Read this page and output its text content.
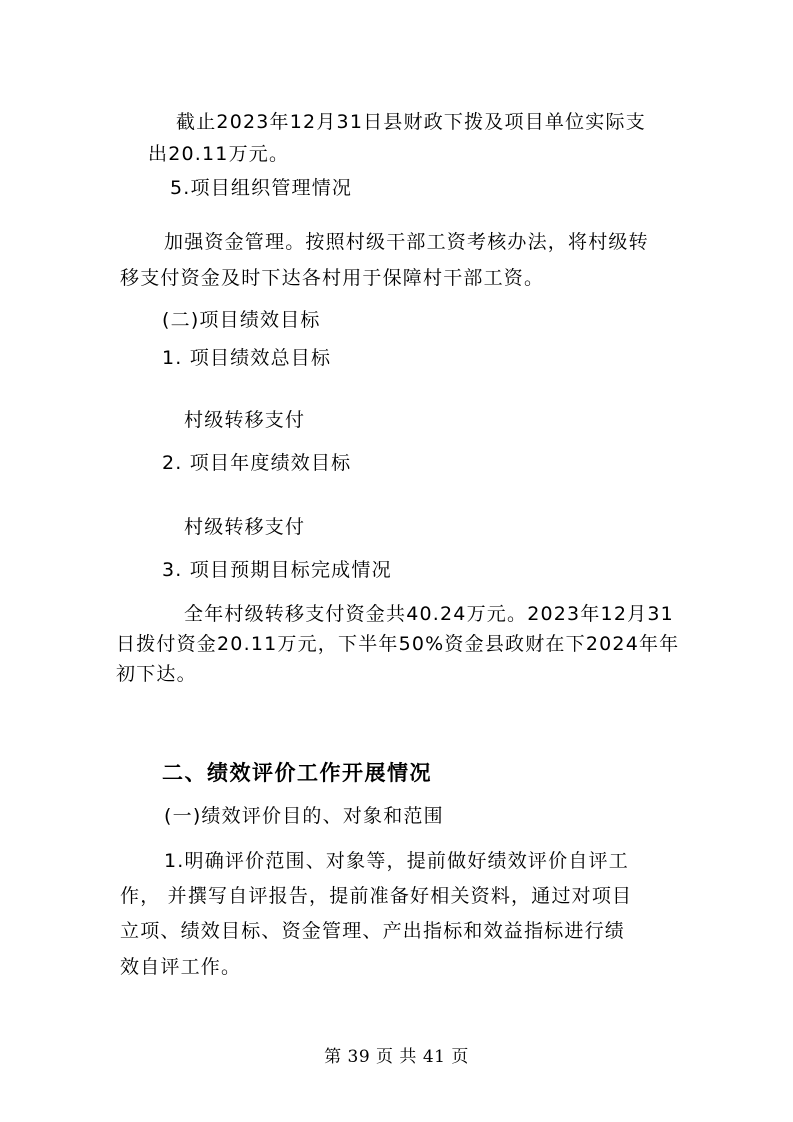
截止2023年12月31日县财政下拨及项目单位实际支
出20.11万元。
5.项目组织管理情况
加强资金管理。按照村级干部工资考核办法，将村级转
移支付资金及时下达各村用于保障村干部工资。
(二)项目绩效目标
1. 项目绩效总目标
村级转移支付
2. 项目年度绩效目标
村级转移支付
3. 项目预期目标完成情况
全年村级转移支付资金共40.24万元。2023年12月31
日拨付资金20.11万元，下半年50%资金县政财在下2024年年
初下达。
二、绩效评价工作开展情况
(一)绩效评价目的、对象和范围
1.明确评价范围、对象等，提前做好绩效评价自评工
作， 并撰写自评报告，提前准备好相关资料，通过对项目
立项、绩效目标、资金管理、产出指标和效益指标进行绩
效自评工作。
第 39 页 共 41 页
